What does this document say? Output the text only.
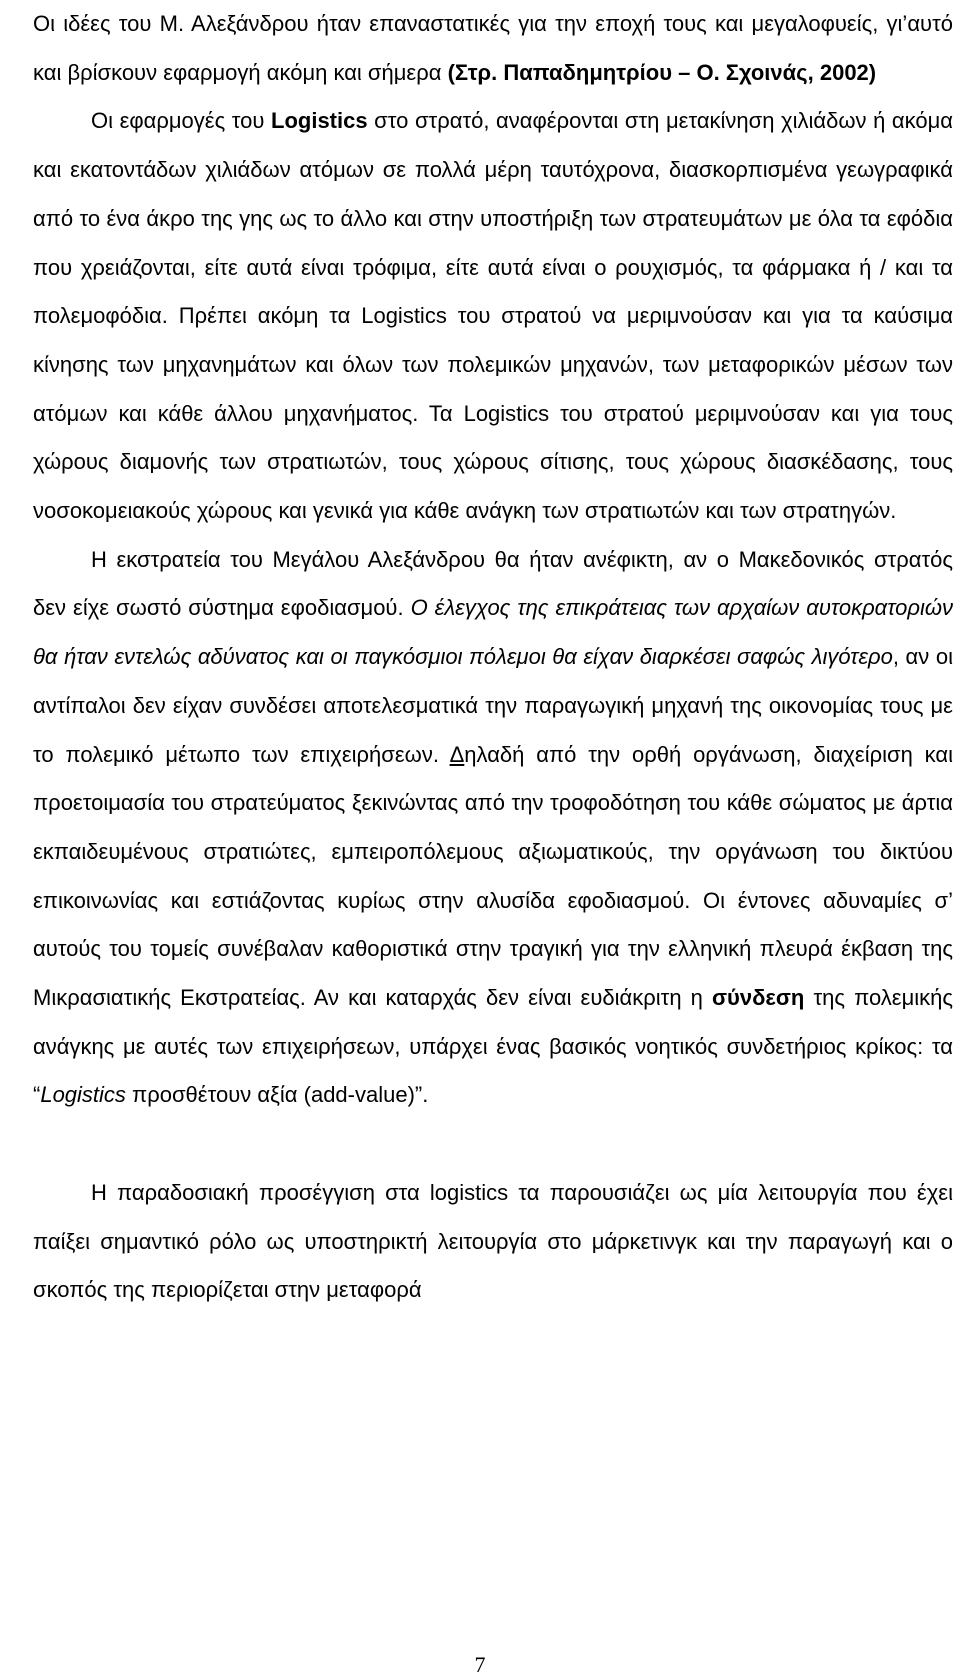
Οι ιδέες του Μ. Αλεξάνδρου ήταν επαναστατικές για την εποχή τους και μεγαλοφυείς, γι’αυτό και βρίσκουν εφαρμογή ακόμη και σήμερα (Στρ. Παπαδημητρίου – Ο. Σχοινάς, 2002)

Οι εφαρμογές του Logistics στο στρατό, αναφέρονται στη μετακίνηση χιλιάδων ή ακόμα και εκατοντάδων χιλιάδων ατόμων σε πολλά μέρη ταυτόχρονα, διασκορπισμένα γεωγραφικά από το ένα άκρο της γης ως το άλλο και στην υποστήριξη των στρατευμάτων με όλα τα εφόδια που χρειάζονται, είτε αυτά είναι τρόφιμα, είτε αυτά είναι ο ρουχισμός, τα φάρμακα ή / και τα πολεμοφόδια. Πρέπει ακόμη τα Logistics του στρατού να μεριμνούσαν και για τα καύσιμα κίνησης των μηχανημάτων και όλων των πολεμικών μηχανών, των μεταφορικών μέσων των ατόμων και κάθε άλλου μηχανήματος. Τα Logistics του στρατού μεριμνούσαν και για τους χώρους διαμονής των στρατιωτών, τους χώρους σίτισης, τους χώρους διασκέδασης, τους νοσοκομειακούς χώρους και γενικά για κάθε ανάγκη των στρατιωτών και των στρατηγών.

Η εκστρατεία του Μεγάλου Αλεξάνδρου θα ήταν ανέφικτη, αν ο Μακεδονικός στρατός δεν είχε σωστό σύστημα εφοδιασμού. Ο έλεγχος της επικράτειας των αρχαίων αυτοκρατοριών θα ήταν εντελώς αδύνατος και οι παγκόσμιοι πόλεμοι θα είχαν διαρκέσει σαφώς λιγότερο, αν οι αντίπαλοι δεν είχαν συνδέσει αποτελεσματικά την παραγωγική μηχανή της οικονομίας τους με το πολεμικό μέτωπο των επιχειρήσεων. Δηλαδή από την ορθή οργάνωση, διαχείριση και προετοιμασία του στρατεύματος ξεκινώντας από την τροφοδότηση του κάθε σώματος με άρτια εκπαιδευμένους στρατιώτες, εμπειροπόλεμους αξιωματικούς, την οργάνωση του δικτύου επικοινωνίας και εστιάζοντας κυρίως στην αλυσίδα εφοδιασμού. Οι έντονες αδυναμίες σ’ αυτούς του τομείς συνέβαλαν καθοριστικά στην τραγική για την ελληνική πλευρά έκβαση της Μικρασιατικής Εκστρατείας. Αν και καταρχάς δεν είναι ευδιάκριτη η σύνδεση της πολεμικής ανάγκης με αυτές των επιχειρήσεων, υπάρχει ένας βασικός νοητικός συνδετήριος κρίκος: τα “Logistics προσθέτουν αξία (add-value)”.

Η παραδοσιακή προσέγγιση στα logistics τα παρουσιάζει ως μία λειτουργία που έχει παίξει σημαντικό ρόλο ως υποστηρικτή λειτουργία στο μάρκετινγκ και την παραγωγή και ο σκοπός της περιορίζεται στην μεταφορά

7
